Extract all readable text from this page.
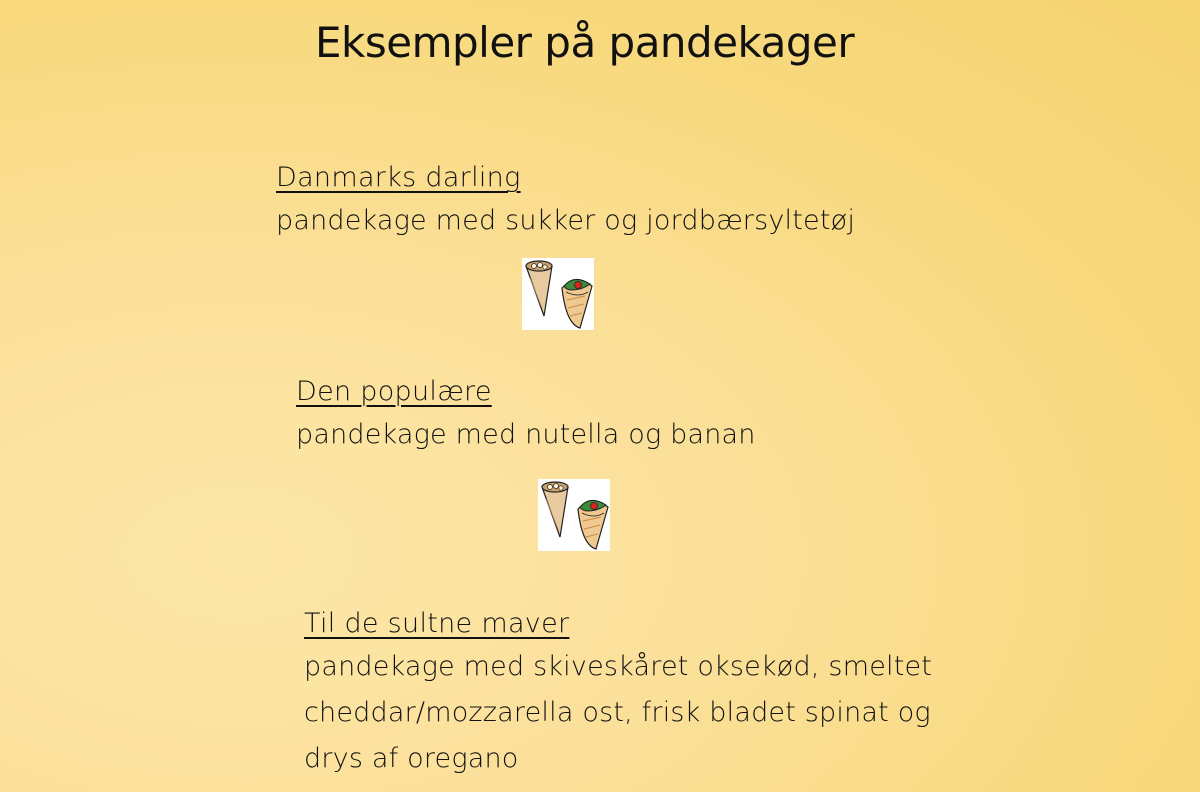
Eksempler på pandekager

Danmarks darling

pandekage med sukker og jordbærsyltetøj

Den populære

pandekage med nutella og banan

Til de sultne maver

pandekage med skiveskåret oksekød, smeltet cheddar/mozzarella ost, frisk bladet spinat og drys af oregano
